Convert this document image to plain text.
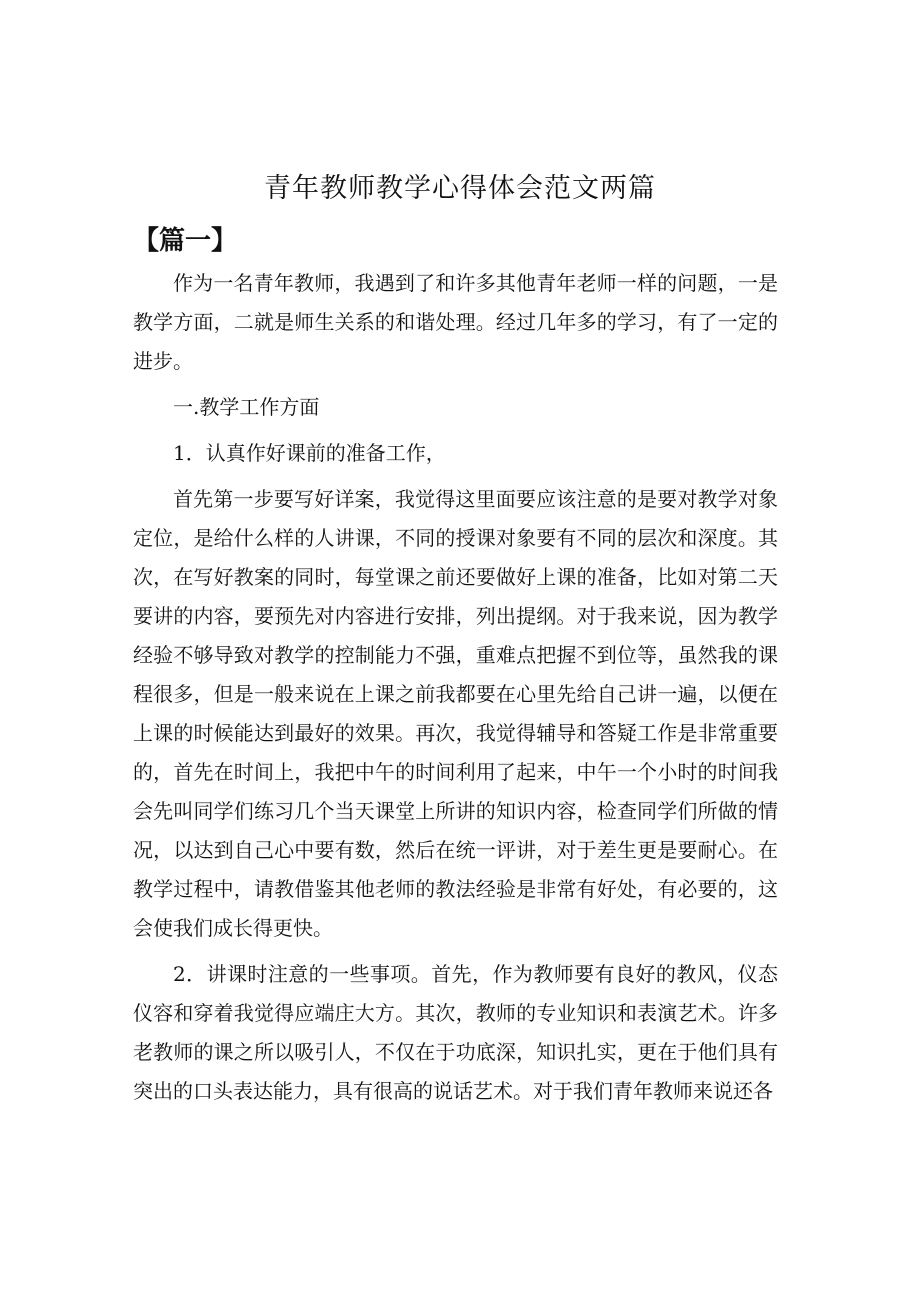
青年教师教学心得体会范文两篇
【篇一】

作为一名青年教师，我遇到了和许多其他青年老师一样的问题，一是教学方面，二就是师生关系的和谐处理。经过几年多的学习，有了一定的进步。

一.教学工作方面

1．认真作好课前的准备工作，

首先第一步要写好详案，我觉得这里面要应该注意的是要对教学对象定位，是给什么样的人讲课，不同的授课对象要有不同的层次和深度。其次，在写好教案的同时，每堂课之前还要做好上课的准备，比如对第二天要讲的内容，要预先对内容进行安排，列出提纲。对于我来说，因为教学经验不够导致对教学的控制能力不强，重难点把握不到位等，虽然我的课程很多，但是一般来说在上课之前我都要在心里先给自己讲一遍，以便在上课的时候能达到最好的效果。再次，我觉得辅导和答疑工作是非常重要的，首先在时间上，我把中午的时间利用了起来，中午一个小时的时间我会先叫同学们练习几个当天课堂上所讲的知识内容，检查同学们所做的情况，以达到自己心中要有数，然后在统一评讲，对于差生更是要耐心。在教学过程中，请教借鉴其他老师的教法经验是非常有好处，有必要的，这会使我们成长得更快。

2．讲课时注意的一些事项。首先，作为教师要有良好的教风，仪态仪容和穿着我觉得应端庄大方。其次，教师的专业知识和表演艺术。许多老教师的课之所以吸引人，不仅在于功底深，知识扎实，更在于他们具有突出的口头表达能力，具有很高的说话艺术。对于我们青年教师来说还各
